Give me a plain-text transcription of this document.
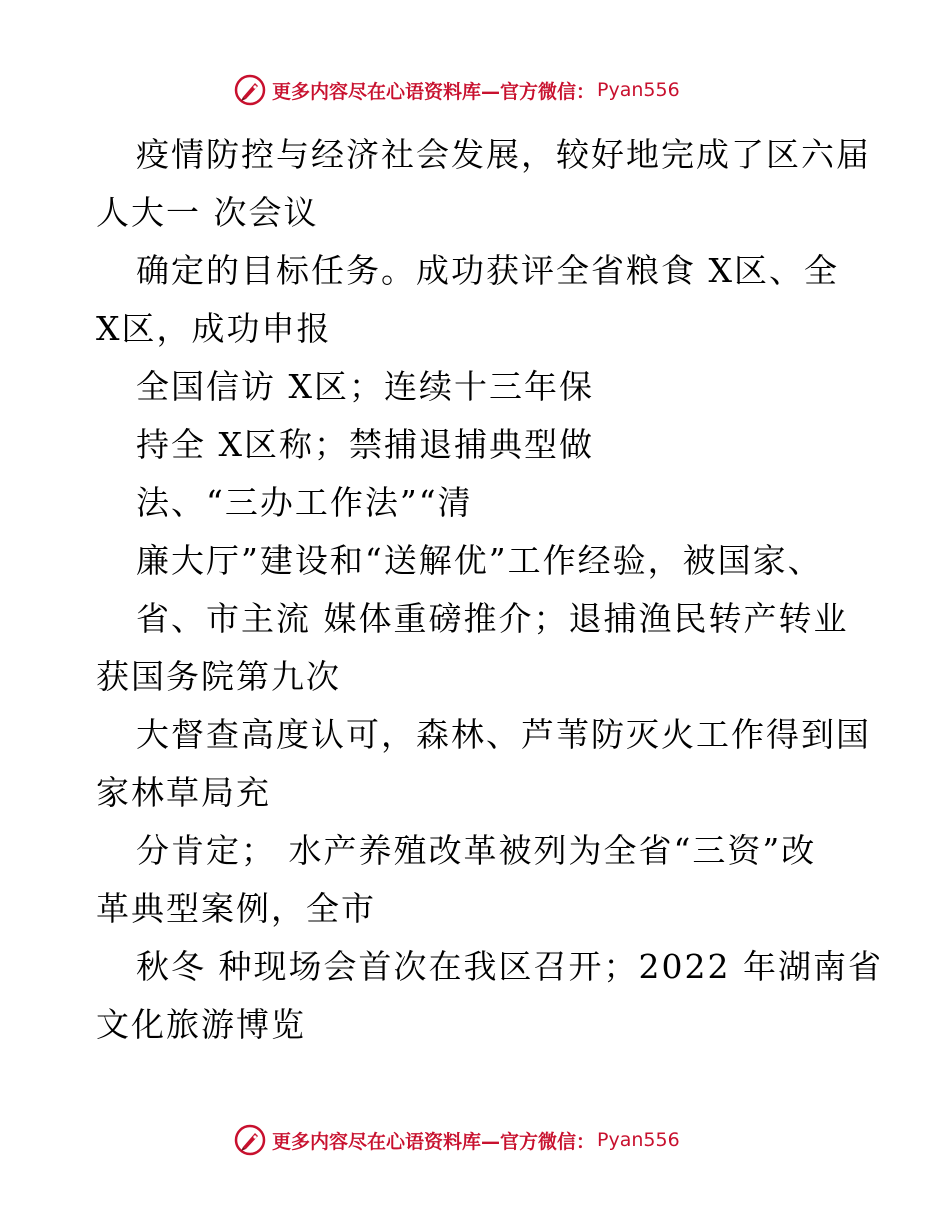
更多内容尽在心语资料库—官方微信： Pyan556
疫情防控与经济社会发展，较好地完成了区六届
人大一 次会议
确定的目标任务。成功获评全省粮食 X区、全
X区，成功申报
全国信访 X区；连续十三年保
持全 X区称；禁捕退捕典型做
法、“三办工作法”“清
廉大厅”建设和“送解优”工作经验，被国家、
省、市主流 媒体重磅推介；退捕渔民转产转业
获国务院第九次
大督查高度认可，森林、芦苇防灭火工作得到国
家林草局充
分肯定； 水产养殖改革被列为全省“三资”改
革典型案例，全市
秋冬 种现场会首次在我区召开；2022 年湖南省
文化旅游博览
更多内容尽在心语资料库—官方微信： Pyan556
